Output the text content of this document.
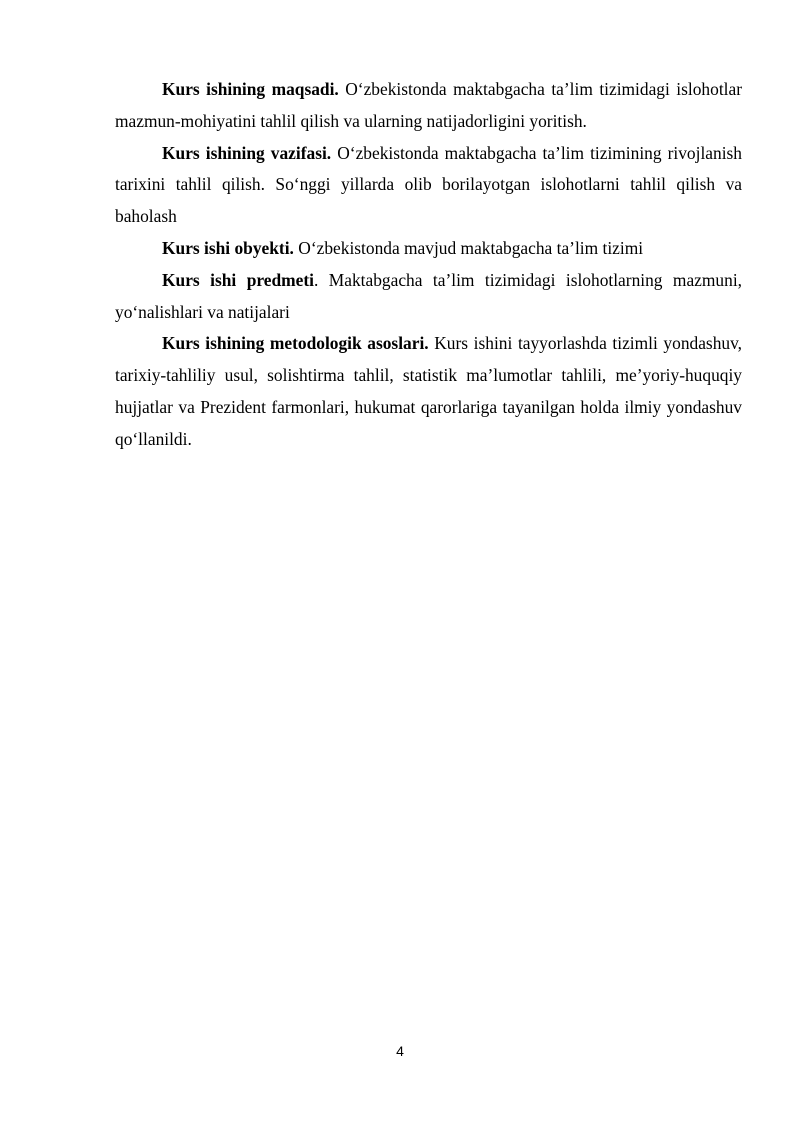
Kurs ishining maqsadi. O‘zbekistonda maktabgacha ta’lim tizimidagi islohotlar mazmun-mohiyatini tahlil qilish va ularning natijadorligini yoritish.

Kurs ishining vazifasi. O‘zbekistonda maktabgacha ta’lim tizimining rivojlanish tarixini tahlil qilish. So‘nggi yillarda olib borilayotgan islohotlarni tahlil qilish va baholash

Kurs ishi obyekti. O‘zbekistonda mavjud maktabgacha ta’lim tizimi

Kurs ishi predmeti. Maktabgacha ta’lim tizimidagi islohotlarning mazmuni, yo‘nalishlari va natijalari

Kurs ishining metodologik asoslari. Kurs ishini tayyorlashda tizimli yondashuv, tarixiy-tahliliy usul, solishtirma tahlil, statistik ma’lumotlar tahlili, me’yoriy-huquqiy hujjatlar va Prezident farmonlari, hukumat qarorlariga tayanilgan holda ilmiy yondashuv qo‘llanildi.

4
